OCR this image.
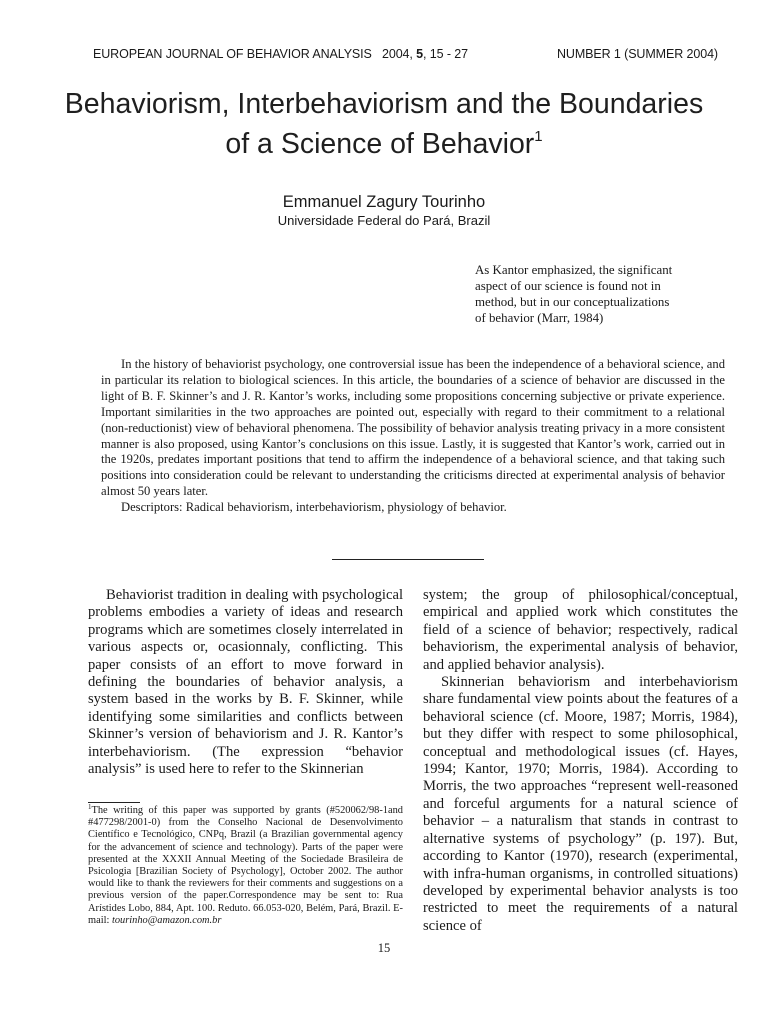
EUROPEAN JOURNAL OF BEHAVIOR ANALYSIS 2004, 5, 15 - 27	NUMBER 1 (SUMMER 2004)
Behaviorism, Interbehaviorism and the Boundaries
of a Science of Behavior$^1$
Emmanuel Zagury Tourinho
Universidade Federal do Pará, Brazil
As Kantor emphasized, the significant
aspect of our science is found not in
method, but in our conceptualizations
of behavior (Marr, 1984)

In the history of behaviorist psychology, one controversial issue has been the independence of a behavioral science, and in particular its relation to biological sciences. In this article, the boundaries of a science of behavior are discussed in the light of B. F. Skinner’s and J. R. Kantor’s works, including some propositions concerning subjective or private experience. Important similarities in the two approaches are pointed out, especially with regard to their commitment to a relational (non-reductionist) view of behavioral phenomena. The possibility of behavior analysis treating privacy in a more consistent manner is also proposed, using Kantor’s conclusions on this issue. Lastly, it is suggested that Kantor’s work, carried out in the 1920s, predates important positions that tend to affirm the independence of a behavioral science, and that taking such positions into consideration could be relevant to understanding the criticisms directed at experimental analysis of behavior almost 50 years later.

Descriptors: Radical behaviorism, interbehaviorism, physiology of behavior.

Behaviorist tradition in dealing with psychological problems embodies a variety of ideas and research programs which are sometimes closely interrelated in various aspects or, ocasionnaly, conflicting. This paper consists of an effort to move forward in defining the boundaries of behavior analysis, a system based in the works by B. F. Skinner, while identifying some similarities and conflicts between Skinner’s version of behaviorism and J. R. Kantor’s interbehaviorism. (The expression “behavior analysis” is used here to refer to the Skinnerian

system; the group of philosophical/conceptual, empirical and applied work which constitutes the field of a science of behavior; respectively, radical behaviorism, the experimental analysis of behavior, and applied behavior analysis).

Skinnerian behaviorism and interbehaviorism share fundamental view points about the features of a behavioral science (cf. Moore, 1987; Morris, 1984), but they differ with respect to some philosophical, conceptual and methodological issues (cf. Hayes, 1994; Kantor, 1970; Morris, 1984). According to Morris, the two approaches “represent well-reasoned and forceful arguments for a natural science of behavior – a naturalism that stands in contrast to alternative systems of psychology” (p. 197). But, according to Kantor (1970), research (experimental, with infra-human organisms, in controlled situations) developed by experimental behavior analysts is too restricted to meet the requirements of a natural science of

$^1$The writing of this paper was supported by grants (#520062/98-1and #477298/2001-0) from the Conselho Nacional de Desenvolvimento Científico e Tecnológico, CNPq, Brazil (a Brazilian governmental agency for the advancement of science and technology). Parts of the paper were presented at the XXXII Annual Meeting of the Sociedade Brasileira de Psicologia [Brazilian Society of Psychology], October 2002. The author would like to thank the reviewers for their comments and suggestions on a previous version of the paper.Correspondence may be sent to: Rua Arístides Lobo, 884, Apt. 100. Reduto. 66.053-020, Belém, Pará, Brazil. E-mail: tourinho@amazon.com.br
15
